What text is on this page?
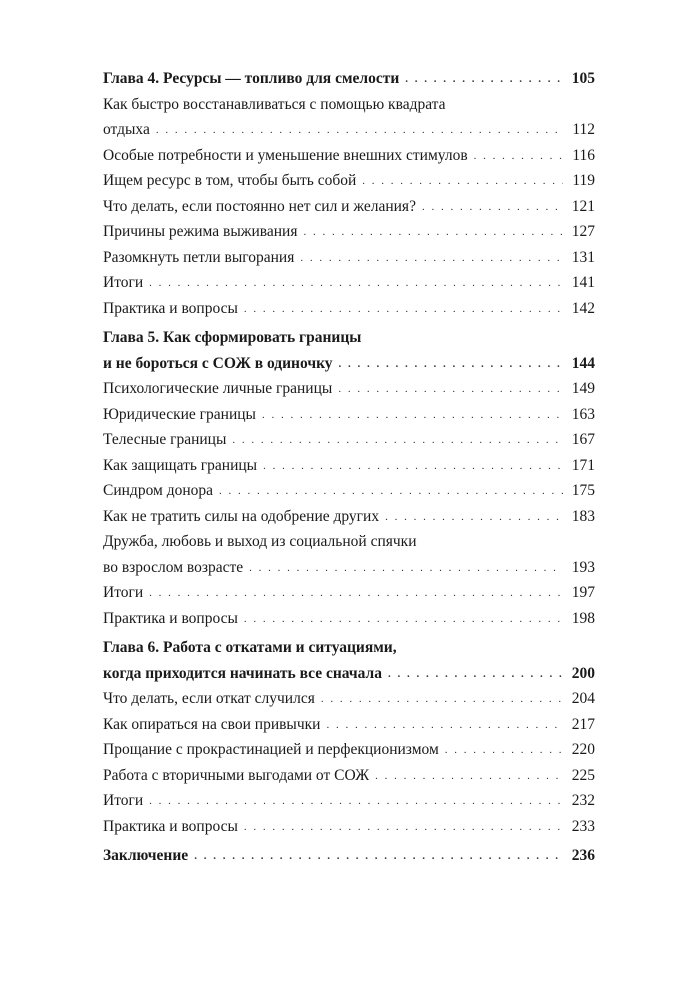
Глава 4. Ресурсы — топливо для смелости . . .	105
Как быстро восстанавливаться с помощью квадрата
отдыха . . .	112
Особые потребности и уменьшение внешних стимулов . . .	116
Ищем ресурс в том, чтобы быть собой . . .	119
Что делать, если постоянно нет сил и желания? . . .	121
Причины режима выживания . . .	127
Разомкнуть петли выгорания . . .	131
Итоги . . .	141
Практика и вопросы . . .	142
Глава 5. Как сформировать границы
и не бороться с СОЖ в одиночку . . .	144
Психологические личные границы . . .	149
Юридические границы . . .	163
Телесные границы . . .	167
Как защищать границы . . .	171
Синдром донора . . .	175
Как не тратить силы на одобрение других . . .	183
Дружба, любовь и выход из социальной спячки
во взрослом возрасте . . .	193
Итоги . . .	197
Практика и вопросы . . .	198
Глава 6. Работа с откатами и ситуациями,
когда приходится начинать все сначала . . .	200
Что делать, если откат случился . . .	204
Как опираться на свои привычки . . .	217
Прощание с прокрастинацией и перфекционизмом . . .	220
Работа с вторичными выгодами от СОЖ . . .	225
Итоги . . .	232
Практика и вопросы . . .	233
Заключение . . .	236
